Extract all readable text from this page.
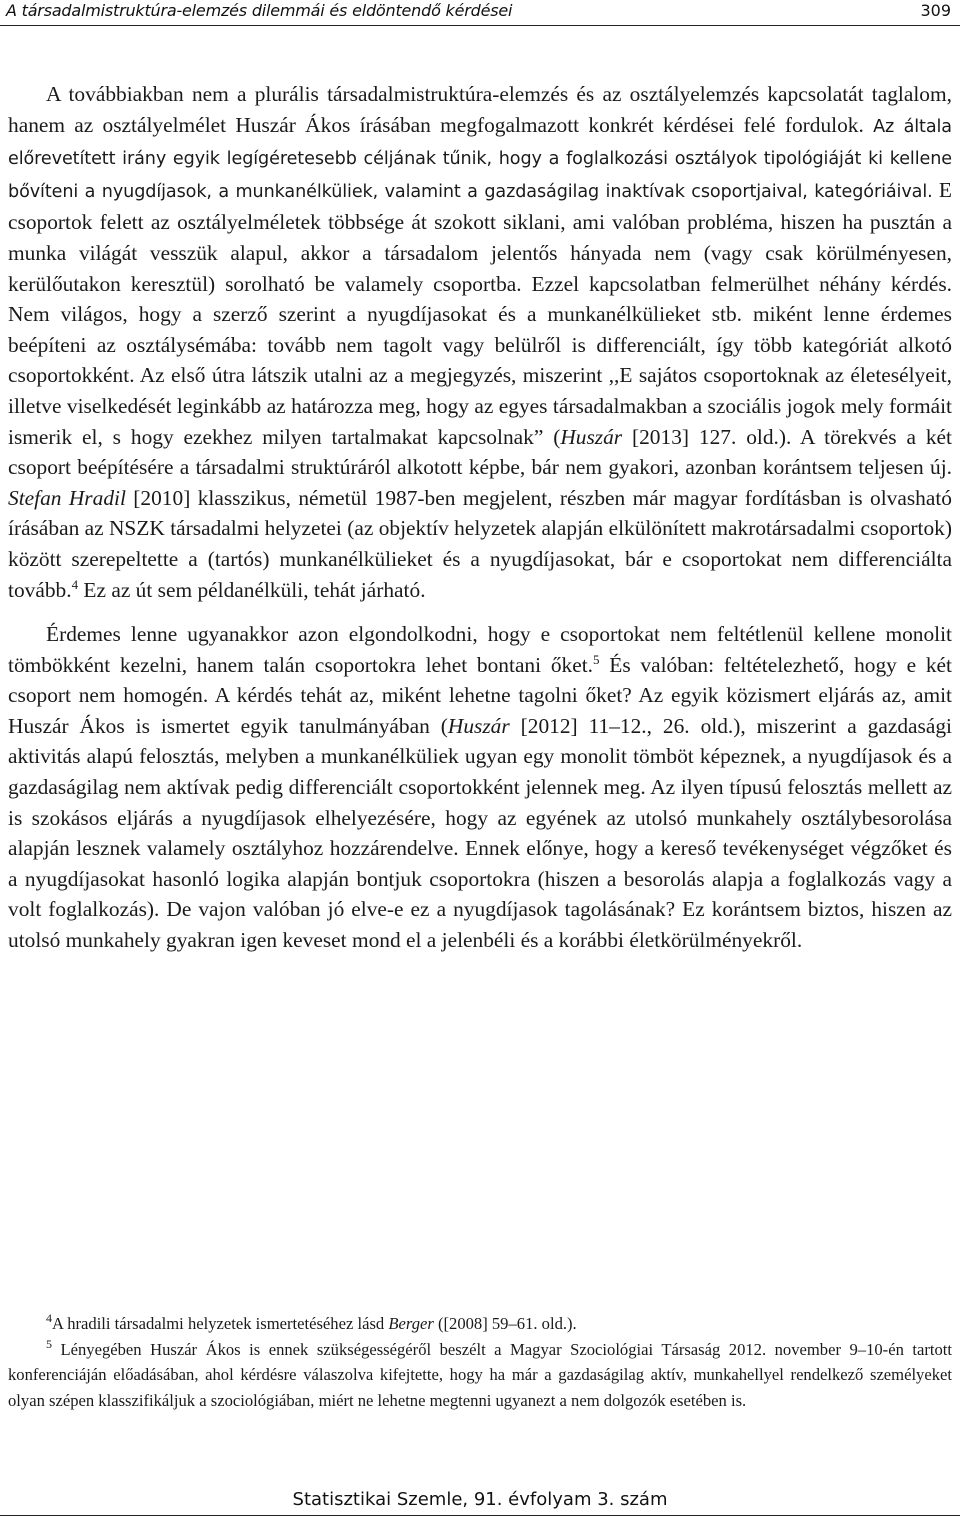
A társadalmistruktúra-elemzés dilemmái és eldöntendő kérdései	309

A továbbiakban nem a plurális társadalmistruktúra-elemzés és az osztályelemzés kapcsolatát taglalom, hanem az osztályelmélet Huszár Ákos írásában megfogalmazott konkrét kérdései felé fordulok. Az általa előrevetített irány egyik legígéretesebb céljának tűnik, hogy a foglalkozási osztályok tipológiáját ki kellene bővíteni a nyugdíjasok, a munkanélküliek, valamint a gazdaságilag inaktívak csoportjaival, kategóriáival. E csoportok felett az osztályelméletek többsége át szokott siklani, ami valóban probléma, hiszen ha pusztán a munka világát vesszük alapul, akkor a társadalom jelentős hányada nem (vagy csak körülményesen, kerülőutakon keresztül) sorolható be valamely csoportba. Ezzel kapcsolatban felmerülhet néhány kérdés. Nem világos, hogy a szerző szerint a nyugdíjasokat és a munkanélkülieket stb. miként lenne érdemes beépíteni az osztálysémába: tovább nem tagolt vagy belülről is differenciált, így több kategóriát alkotó csoportokként. Az első útra látszik utalni az a megjegyzés, miszerint ,,E sajátos csoportoknak az életesélyeit, illetve viselkedését leginkább az határozza meg, hogy az egyes társadalmakban a szociális jogok mely formáit ismerik el, s hogy ezekhez milyen tartalmakat kapcsolnak” (Huszár [2013] 127. old.). A törekvés a két csoport beépítésére a társadalmi struktúráról alkotott képbe, bár nem gyakori, azonban korántsem teljesen új. Stefan Hradil [2010] klasszikus, németül 1987-ben megjelent, részben már magyar fordításban is olvasható írásában az NSZK társadalmi helyzetei (az objektív helyzetek alapján elkülönített makrotársadalmi csoportok) között szerepeltette a (tartós) munkanélkülieket és a nyugdíjasokat, bár e csoportokat nem differenciálta tovább.$^4$ Ez az út sem példanélküli, tehát járható.

Érdemes lenne ugyanakkor azon elgondolkodni, hogy e csoportokat nem feltétlenül kellene monolit tömbökként kezelni, hanem talán csoportokra lehet bontani őket.$^5$ És valóban: feltételezhető, hogy e két csoport nem homogén. A kérdés tehát az, miként lehetne tagolni őket? Az egyik közismert eljárás az, amit Huszár Ákos is ismertet egyik tanulmányában (Huszár [2012] 11–12., 26. old.), miszerint a gazdasági aktivitás alapú felosztás, melyben a munkanélküliek ugyan egy monolit tömböt képeznek, a nyugdíjasok és a gazdaságilag nem aktívak pedig differenciált csoportokként jelennek meg. Az ilyen típusú felosztás mellett az is szokásos eljárás a nyugdíjasok elhelyezésére, hogy az egyének az utolsó munkahely osztálybesorolása alapján lesznek valamely osztályhoz hozzárendelve. Ennek előnye, hogy a kereső tevékenységet végzőket és a nyugdíjasokat hasonló logika alapján bontjuk csoportokra (hiszen a besorolás alapja a foglalkozás vagy a volt foglalkozás). De vajon valóban jó elve-e ez a nyugdíjasok tagolásának? Ez korántsem biztos, hiszen az utolsó munkahely gyakran igen keveset mond el a jelenbéli és a korábbi életkörülményekről.

$^4$A hradili társadalmi helyzetek ismertetéséhez lásd Berger ([2008] 59–61. old.).

$^5$ Lényegében Huszár Ákos is ennek szükségességéről beszélt a Magyar Szociológiai Társaság 2012. november 9–10-én tartott konferenciáján előadásában, ahol kérdésre válaszolva kifejtette, hogy ha már a gazdaságilag aktív, munkahellyel rendelkező személyeket olyan szépen klasszifikáljuk a szociológiában, miért ne lehetne megtenni ugyanezt a nem dolgozók esetében is.

Statisztikai Szemle, 91. évfolyam 3. szám
